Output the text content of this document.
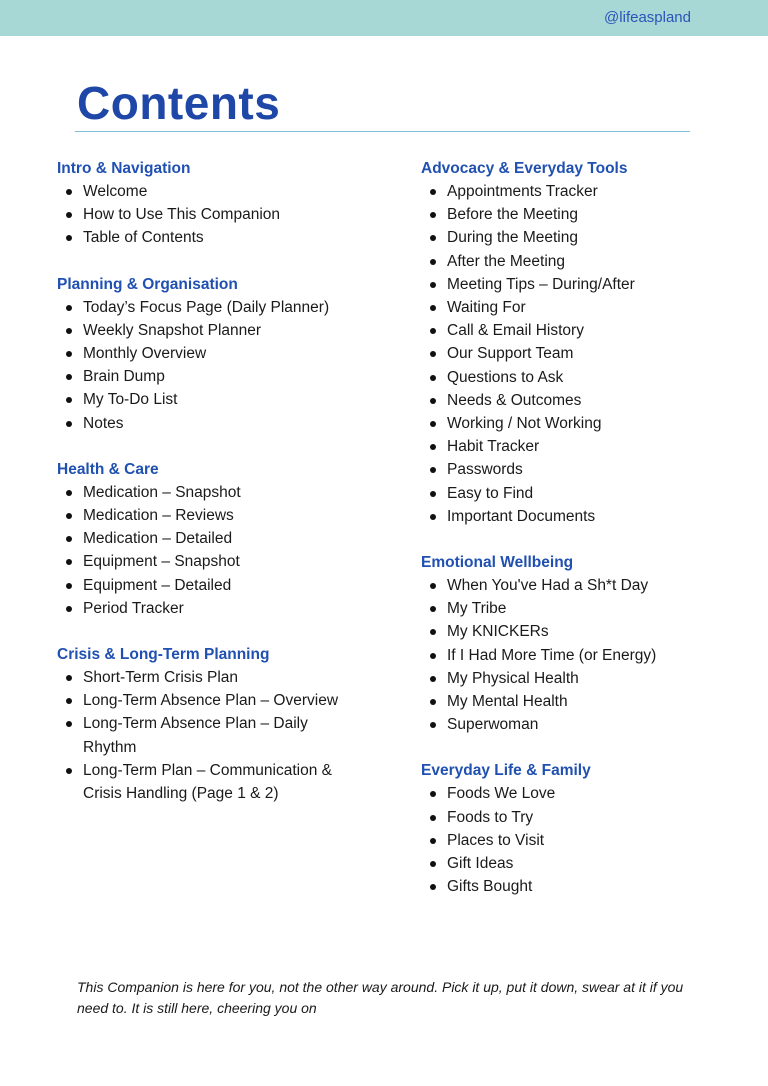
@lifeaspland
Contents
Intro & Navigation
Welcome
How to Use This Companion
Table of Contents
Planning & Organisation
Today’s Focus Page (Daily Planner)
Weekly Snapshot Planner
Monthly Overview
Brain Dump
My To-Do List
Notes
Health & Care
Medication – Snapshot
Medication – Reviews
Medication – Detailed
Equipment – Snapshot
Equipment – Detailed
Period Tracker
Crisis & Long-Term Planning
Short-Term Crisis Plan
Long-Term Absence Plan – Overview
Long-Term Absence Plan – Daily Rhythm
Long-Term Plan – Communication & Crisis Handling (Page 1 & 2)
Advocacy & Everyday Tools
Appointments Tracker
Before the Meeting
During the Meeting
After the Meeting
Meeting Tips – During/After
Waiting For
Call & Email History
Our Support Team
Questions to Ask
Needs & Outcomes
Working / Not Working
Habit Tracker
Passwords
Easy to Find
Important Documents
Emotional Wellbeing
When You've Had a Sh*t Day
My Tribe
My KNICKERs
If I Had More Time (or Energy)
My Physical Health
My Mental Health
Superwoman
Everyday Life & Family
Foods We Love
Foods to Try
Places to Visit
Gift Ideas
Gifts Bought

This Companion is here for you, not the other way around. Pick it up, put it down, swear at it if you need to. It is still here, cheering you on
